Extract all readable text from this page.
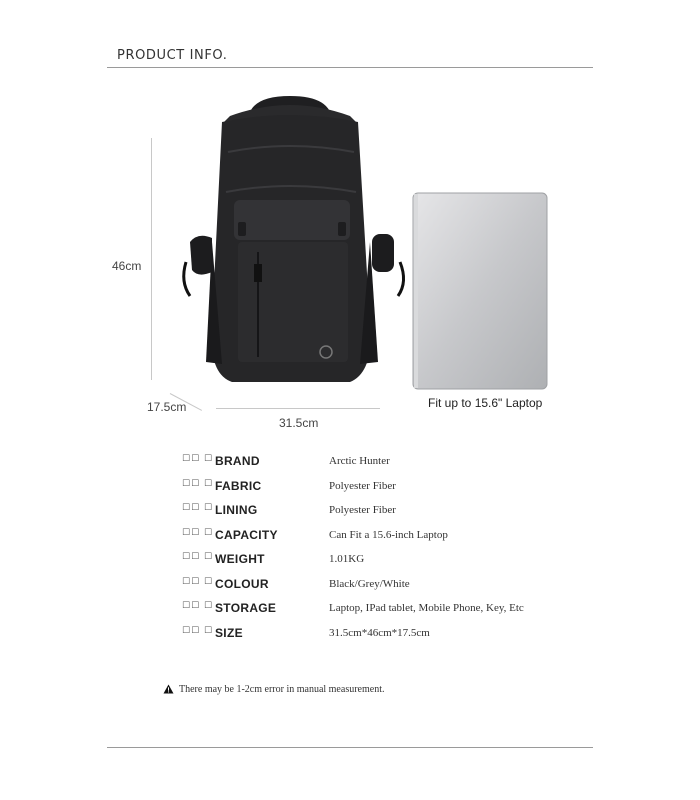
PRODUCT INFO.
46cm
17.5cm
31.5cm
Fit up to 15.6" Laptop
☐☐ ☐ BRAND	Arctic Hunter
☐☐ ☐ FABRIC	Polyester Fiber
☐☐ ☐ LINING	Polyester Fiber
☐☐ ☐ CAPACITY	Can Fit a 15.6-inch Laptop
☐☐ ☐ WEIGHT	1.01KG
☐☐ ☐ COLOUR	Black/Grey/White
☐☐ ☐ STORAGE	Laptop, IPad tablet, Mobile Phone, Key, Etc
☐☐ ☐ SIZE	31.5cm*46cm*17.5cm
There may be 1-2cm error in manual measurement.
